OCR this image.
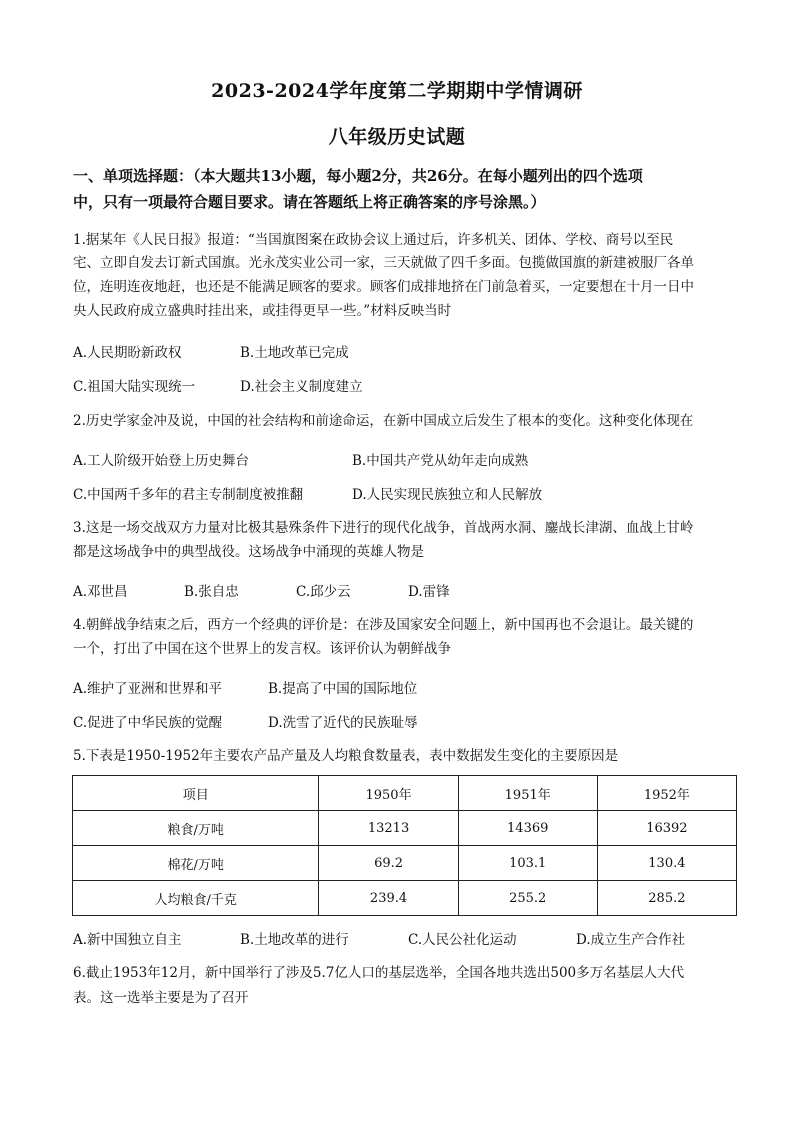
2023-2024学年度第二学期期中学情调研
八年级历史试题
一、单项选择题：（本大题共13小题，每小题2分，共26分。在每小题列出的四个选项
中，只有一项最符合题目要求。请在答题纸上将正确答案的序号涂黑。）
1.据某年《人民日报》报道：“当国旗图案在政协会议上通过后，许多机关、团体、学校、商号以至民
宅、立即自发去订新式国旗。光永茂实业公司一家，三天就做了四千多面。包揽做国旗的新建被服厂各单
位，连明连夜地赶，也还是不能满足顾客的要求。顾客们成排地挤在门前急着买，一定要想在十月一日中
央人民政府成立盛典时挂出来，或挂得更早一些。”材料反映当时
A.人民期盼新政权	B.土地改革已完成
C.祖国大陆实现统一	D.社会主义制度建立
2.历史学家金冲及说，中国的社会结构和前途命运，在新中国成立后发生了根本的变化。这种变化体现在
A.工人阶级开始登上历史舞台	B.中国共产党从幼年走向成熟
C.中国两千多年的君主专制制度被推翻	D.人民实现民族独立和人民解放
3.这是一场交战双方力量对比极其悬殊条件下进行的现代化战争，首战两水洞、鏖战长津湖、血战上甘岭
都是这场战争中的典型战役。这场战争中涌现的英雄人物是
A.邓世昌	B.张自忠	C.邱少云	D.雷锋
4.朝鲜战争结束之后，西方一个经典的评价是：在涉及国家安全问题上，新中国再也不会退让。最关键的
一个，打出了中国在这个世界上的发言权。该评价认为朝鲜战争
A.维护了亚洲和世界和平	B.提高了中国的国际地位
C.促进了中华民族的觉醒	D.洗雪了近代的民族耻辱
5.下表是1950-1952年主要农产品产量及人均粮食数量表，表中数据发生变化的主要原因是
项目	1950年	1951年	1952年
粮食/万吨	13213	14369	16392
棉花/万吨	69.2	103.1	130.4
人均粮食/千克	239.4	255.2	285.2
A.新中国独立自主	B.土地改革的进行	C.人民公社化运动	D.成立生产合作社
6.截止1953年12月，新中国举行了涉及5.7亿人口的基层选举，全国各地共选出500多万名基层人大代
表。这一选举主要是为了召开
